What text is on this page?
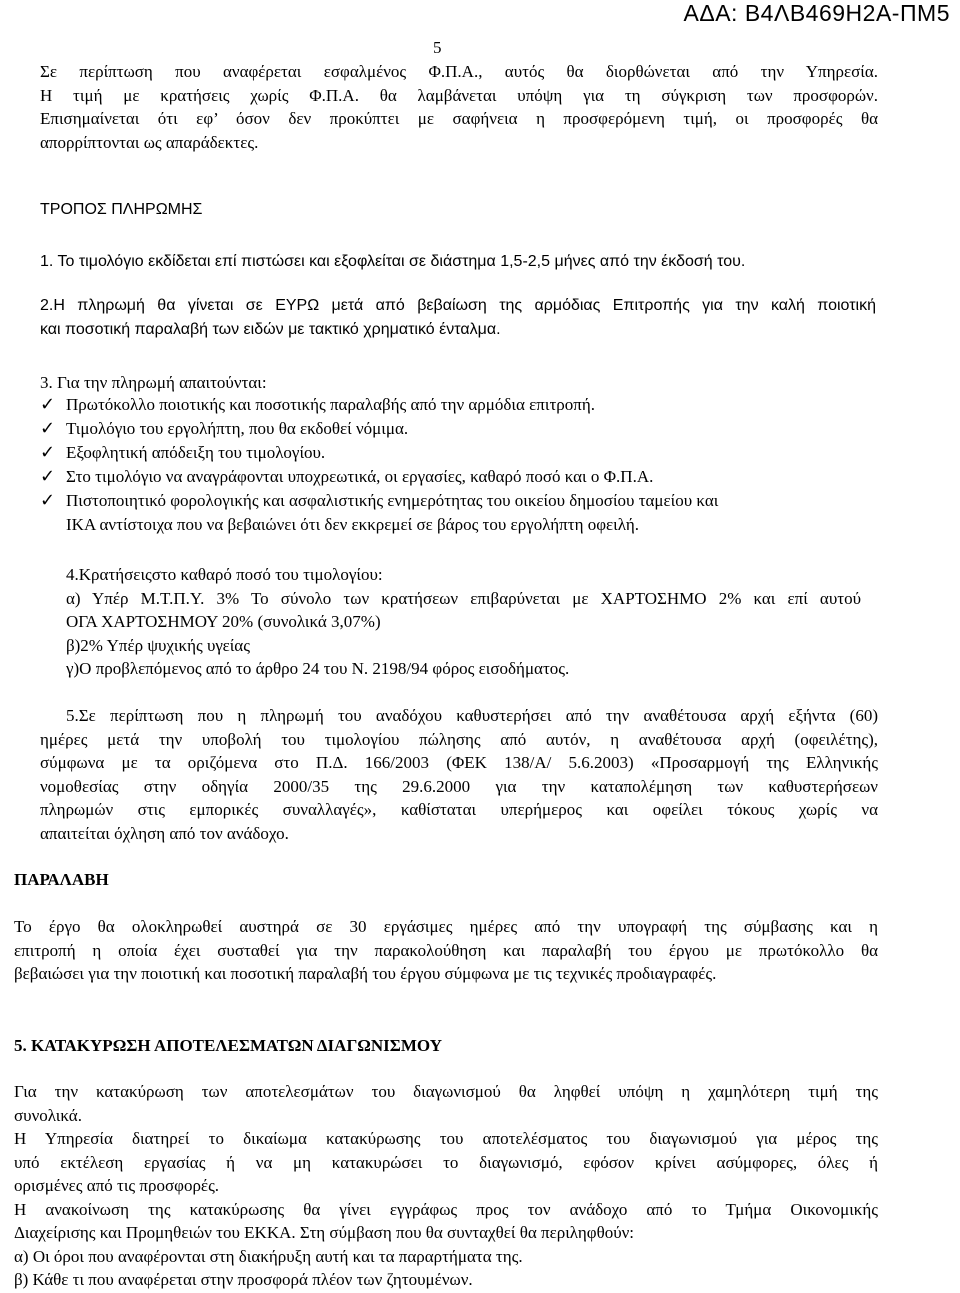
ΑΔΑ: Β4ΛΒ469Η2Α-ΠΜ5
5

Σε περίπτωση που αναφέρεται εσφαλμένος Φ.Π.Α., αυτός θα διορθώνεται από την Υπηρεσία.

Η τιμή με κρατήσεις χωρίς Φ.Π.Α. θα λαμβάνεται υπόψη για τη σύγκριση των προσφορών.

Επισημαίνεται ότι εφ’ όσον δεν προκύπτει με σαφήνεια η προσφερόμενη τιμή, οι προσφορές θα

απορρίπτονται ως απαράδεκτες.

ΤΡΟΠΟΣ ΠΛΗΡΩΜΗΣ

1. Το τιμολόγιο εκδίδεται επί πιστώσει και εξοφλείται σε διάστημα 1,5-2,5 μήνες από την έκδοσή του.

2.Η πληρωμή θα γίνεται σε ΕΥΡΩ μετά από βεβαίωση της αρμόδιας Επιτροπής για την καλή ποιοτική

και ποσοτική παραλαβή των ειδών με τακτικό χρηματικό ένταλμα.

3. Για την πληρωμή απαιτούνται:

✓ Πρωτόκολλο ποιοτικής και ποσοτικής παραλαβής από την αρμόδια επιτροπή.
✓ Τιμολόγιο του εργολήπτη, που θα εκδοθεί νόμιμα.
✓ Εξοφλητική απόδειξη του τιμολογίου.
✓ Στο τιμολόγιο να αναγράφονται υποχρεωτικά, οι εργασίες, καθαρό ποσό και ο Φ.Π.Α.
✓ Πιστοποιητικό φορολογικής και ασφαλιστικής ενημερότητας του οικείου δημοσίου ταμείου και
ΙΚΑ αντίστοιχα που να βεβαιώνει ότι δεν εκκρεμεί σε βάρος του εργολήπτη οφειλή.

4.Κρατήσειςστο καθαρό ποσό του τιμολογίου:

α) Υπέρ Μ.Τ.Π.Υ. 3% Το σύνολο των κρατήσεων επιβαρύνεται με ΧΑΡΤΟΣΗΜΟ 2% και επί αυτού

ΟΓΑ ΧΑΡΤΟΣΗΜΟΥ 20% (συνολικά 3,07%)

β)2% Υπέρ ψυχικής υγείας

γ)Ο προβλεπόμενος από το άρθρο 24 του Ν. 2198/94 φόρος εισοδήματος.

5.Σε περίπτωση που η πληρωμή του αναδόχου καθυστερήσει από την αναθέτουσα αρχή εξήντα (60)

ημέρες μετά την υποβολή του τιμολογίου πώλησης από αυτόν, η αναθέτουσα αρχή (οφειλέτης),

σύμφωνα με τα οριζόμενα στο Π.Δ. 166/2003 (ΦΕΚ 138/Α/ 5.6.2003) «Προσαρμογή της Ελληνικής

νομοθεσίας στην οδηγία 2000/35 της 29.6.2000 για την καταπολέμηση των καθυστερήσεων

πληρωμών στις εμπορικές συναλλαγές», καθίσταται υπερήμερος και οφείλει τόκους χωρίς να

απαιτείται όχληση από τον ανάδοχο.

ΠΑΡΑΛΑΒΗ

Το έργο θα ολοκληρωθεί αυστηρά σε 30 εργάσιμες ημέρες από την υπογραφή της σύμβασης και η

επιτροπή η οποία έχει συσταθεί για την παρακολούθηση και παραλαβή του έργου με πρωτόκολλο θα

βεβαιώσει για την ποιοτική και ποσοτική παραλαβή του έργου σύμφωνα με τις τεχνικές προδιαγραφές.

5. ΚΑΤΑΚΥΡΩΣΗ ΑΠΟΤΕΛΕΣΜΑΤΩΝ ΔΙΑΓΩΝΙΣΜΟΥ

Για την κατακύρωση των αποτελεσμάτων του διαγωνισμού θα ληφθεί υπόψη η χαμηλότερη τιμή της

συνολικά.

Η Υπηρεσία διατηρεί το δικαίωμα κατακύρωσης του αποτελέσματος του διαγωνισμού για μέρος της

υπό εκτέλεση εργασίας ή να μη κατακυρώσει το διαγωνισμό, εφόσον κρίνει ασύμφορες, όλες ή

ορισμένες από τις προσφορές.

Η ανακοίνωση της κατακύρωσης θα γίνει εγγράφως προς τον ανάδοχο από το Τμήμα Οικονομικής

Διαχείρισης και Προμηθειών του ΕΚΚΑ. Στη σύμβαση που θα συνταχθεί θα περιληφθούν:

α) Οι όροι που αναφέρονται στη διακήρυξη αυτή και τα παραρτήματα της.

β) Κάθε τι που αναφέρεται στην προσφορά πλέον των ζητουμένων.
